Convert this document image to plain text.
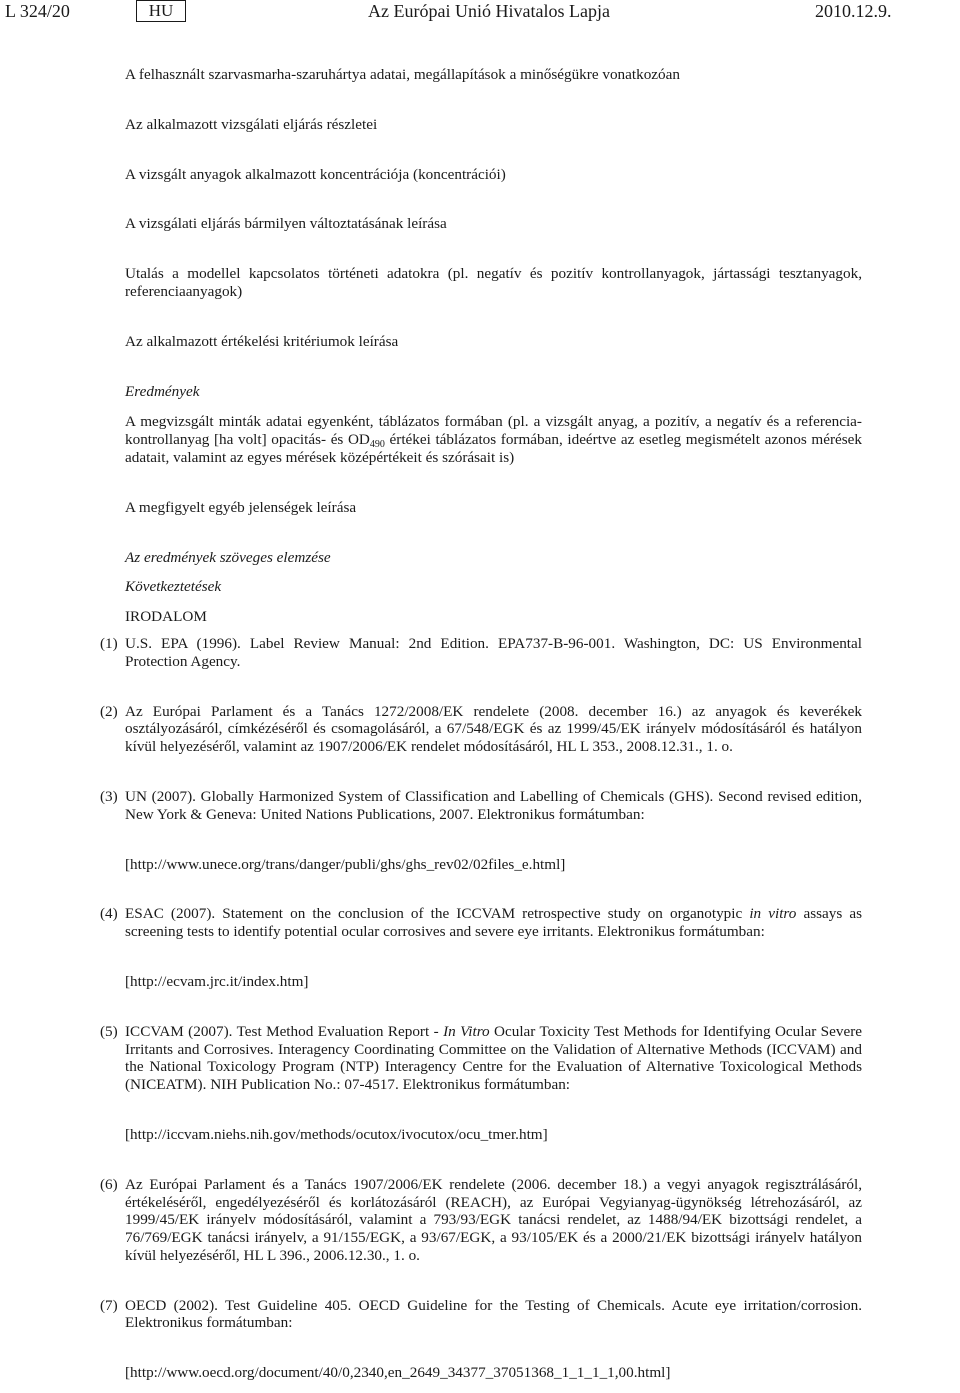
L 324/20	HU	Az Európai Unió Hivatalos Lapja	2010.12.9.

A felhasznált szarvasmarha-szaruhártya adatai, megállapítások a minőségükre vonatkozóan

Az alkalmazott vizsgálati eljárás részletei

A vizsgált anyagok alkalmazott koncentrációja (koncentrációi)

A vizsgálati eljárás bármilyen változtatásának leírása

Utalás a modellel kapcsolatos történeti adatokra (pl. negatív és pozitív kontrollanyagok, jártassági tesztanyagok, referenciaanyagok)

Az alkalmazott értékelési kritériumok leírása

Eredmények

A megvizsgált minták adatai egyenként, táblázatos formában (pl. a vizsgált anyag, a pozitív, a negatív és a referencia-kontrollanyag [ha volt] opacitás- és $OD_{490}$ értékei táblázatos formában, ideértve az esetleg megismételt azonos mérések adatait, valamint az egyes mérések középértékeit és szórásait is)

A megfigyelt egyéb jelenségek leírása

Az eredmények szöveges elemzése

Következtetések

IRODALOM

(1) U.S. EPA (1996). Label Review Manual: 2nd Edition. EPA737-B-96-001. Washington, DC: US Environmental Protection Agency.
(2) Az Európai Parlament és a Tanács 1272/2008/EK rendelete (2008. december 16.) az anyagok és keverékek osztályozásáról, címkézéséről és csomagolásáról, a 67/548/EGK és az 1999/45/EK irányelv módosításáról és hatályon kívül helyezéséről, valamint az 1907/2006/EK rendelet módosításáról, HL L 353., 2008.12.31., 1. o.
(3) UN (2007). Globally Harmonized System of Classification and Labelling of Chemicals (GHS). Second revised edition, New York & Geneva: United Nations Publications, 2007. Elektronikus formátumban:

[http://www.unece.org/trans/danger/publi/ghs/ghs_rev02/02files_e.html]

(4) ESAC (2007). Statement on the conclusion of the ICCVAM retrospective study on organotypic in vitro assays as screening tests to identify potential ocular corrosives and severe eye irritants. Elektronikus formátumban:

[http://ecvam.jrc.it/index.htm]

(5) ICCVAM (2007). Test Method Evaluation Report - In Vitro Ocular Toxicity Test Methods for Identifying Ocular Severe Irritants and Corrosives. Interagency Coordinating Committee on the Validation of Alternative Methods (ICCVAM) and the National Toxicology Program (NTP) Interagency Centre for the Evaluation of Alternative Toxicological Methods (NICEATM). NIH Publication No.: 07-4517. Elektronikus formátumban:

[http://iccvam.niehs.nih.gov/methods/ocutox/ivocutox/ocu_tmer.htm]

(6) Az Európai Parlament és a Tanács 1907/2006/EK rendelete (2006. december 18.) a vegyi anyagok regisztrálásáról, értékeléséről, engedélyezéséről és korlátozásáról (REACH), az Európai Vegyianyag-ügynökség létrehozásáról, az 1999/45/EK irányelv módosításáról, valamint a 793/93/EGK tanácsi rendelet, az 1488/94/EK bizottsági rendelet, a 76/769/EGK tanácsi irányelv, a 91/155/EGK, a 93/67/EGK, a 93/105/EK és a 2000/21/EK bizottsági irányelv hatályon kívül helyezéséről, HL L 396., 2006.12.30., 1. o.
(7) OECD (2002). Test Guideline 405. OECD Guideline for the Testing of Chemicals. Acute eye irritation/corrosion. Elektronikus formátumban:

[http://www.oecd.org/document/40/0,2340,en_2649_34377_37051368_1_1_1_1,00.html]
